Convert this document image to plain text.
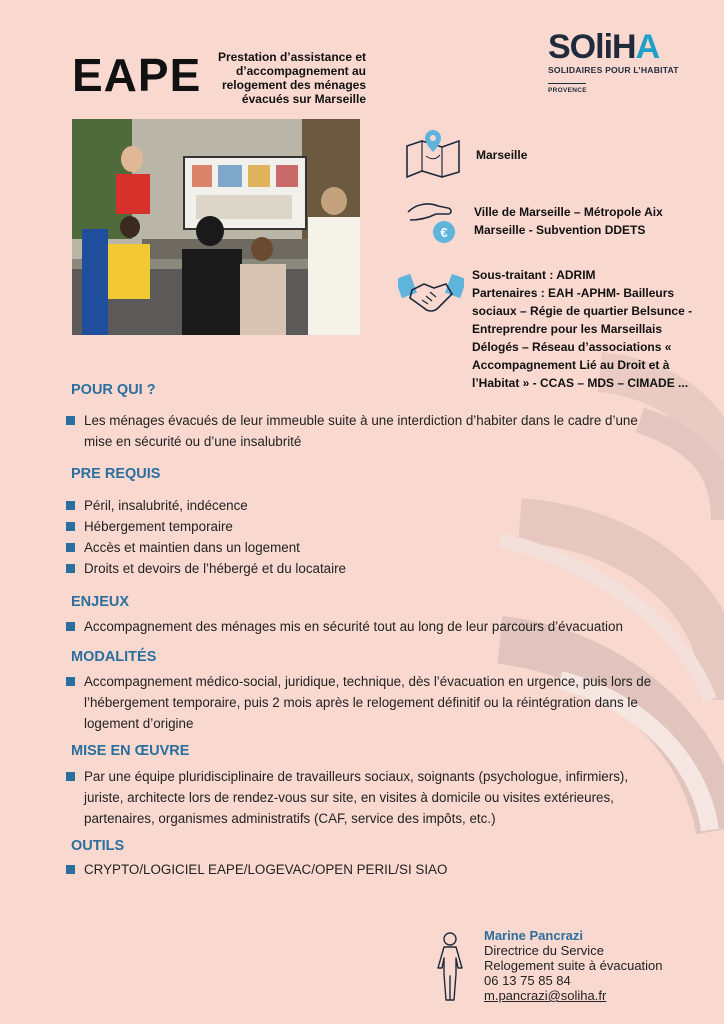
EAPE	Prestation d’assistance et d’accompagnement au relogement des ménages évacués sur Marseille
SOliHA
SOLIDAIRES POUR L’HABITAT
PROVENCE
Marseille
€
Ville de Marseille – Métropole Aix Marseille - Subvention DDETS
Sous-traitant : ADRIM
Partenaires : EAH -APHM- Bailleurs sociaux – Régie de quartier Belsunce - Entreprendre pour les Marseillais Délogés – Réseau d’associations « Accompagnement Lié au Droit et à l’Habitat » - CCAS – MDS – CIMADE ...
POUR QUI ?
Les ménages évacués de leur immeuble suite à une interdiction d’habiter dans le cadre d’une mise en sécurité ou d’une insalubrité
PRE REQUIS
Péril, insalubrité, indécence
Hébergement temporaire
Accès et maintien dans un logement
Droits et devoirs de l’hébergé et du locataire
ENJEUX
Accompagnement des ménages mis en sécurité tout au long de leur parcours d’évacuation
MODALITÉS
Accompagnement médico-social, juridique, technique, dès l’évacuation en urgence, puis lors de l’hébergement temporaire, puis 2 mois après le relogement définitif ou la réintégration dans le logement d’origine
MISE EN ŒUVRE
Par une équipe pluridisciplinaire de travailleurs sociaux, soignants (psychologue, infirmiers), juriste, architecte lors de rendez-vous sur site, en visites à domicile ou visites extérieures, partenaires, organismes administratifs (CAF, service des impôts, etc.)
OUTILS
CRYPTO/LOGICIEL EAPE/LOGEVAC/OPEN PERIL/SI SIAO
Marine Pancrazi
Directrice du Service
Relogement suite à évacuation
06 13 75 85 84
m.pancrazi@soliha.fr
